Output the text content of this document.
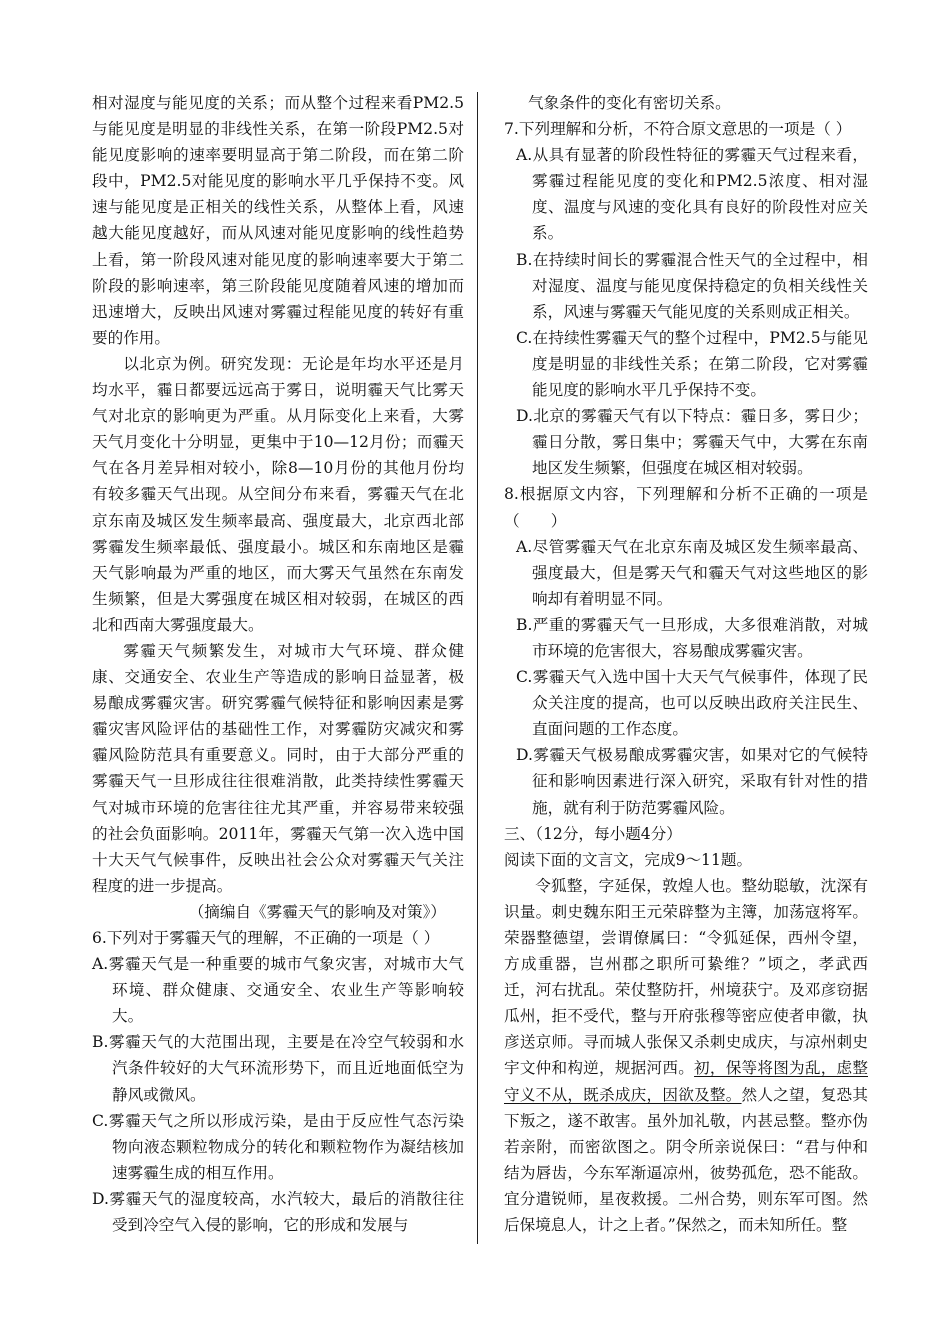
相对湿度与能见度的关系；而从整个过程来看PM2.5与能见度是明显的非线性关系，在第一阶段PM2.5对能见度影响的速率要明显高于第二阶段，而在第二阶段中，PM2.5对能见度的影响水平几乎保持不变。风速与能见度是正相关的线性关系，从整体上看，风速越大能见度越好，而从风速对能见度影响的线性趋势上看，第一阶段风速对能见度的影响速率要大于第二阶段的影响速率，第三阶段能见度随着风速的增加而迅速增大，反映出风速对雾霾过程能见度的转好有重要的作用。

以北京为例。研究发现：无论是年均水平还是月均水平，霾日都要远远高于雾日，说明霾天气比雾天气对北京的影响更为严重。从月际变化上来看，大雾天气月变化十分明显，更集中于10—12月份；而霾天气在各月差异相对较小，除8—10月份的其他月份均有较多霾天气出现。从空间分布来看，雾霾天气在北京东南及城区发生频率最高、强度最大，北京西北部雾霾发生频率最低、强度最小。城区和东南地区是霾天气影响最为严重的地区，而大雾天气虽然在东南发生频繁，但是大雾强度在城区相对较弱，在城区的西北和西南大雾强度最大。

雾霾天气频繁发生，对城市大气环境、群众健康、交通安全、农业生产等造成的影响日益显著，极易酿成雾霾灾害。研究雾霾气候特征和影响因素是雾霾灾害风险评估的基础性工作，对雾霾防灾减灾和雾霾风险防范具有重要意义。同时，由于大部分严重的雾霾天气一旦形成往往很难消散，此类持续性雾霾天气对城市环境的危害往往尤其严重，并容易带来较强的社会负面影响。2011年，雾霾天气第一次入选中国十大天气气候事件，反映出社会公众对雾霾天气关注程度的进一步提高。

（摘编自《雾霾天气的影响及对策》）

6.下列对于雾霾天气的理解，不正确的一项是（ ）

A.雾霾天气是一种重要的城市气象灾害，对城市大气环境、群众健康、交通安全、农业生产等影响较大。

B.雾霾天气的大范围出现，主要是在冷空气较弱和水汽条件较好的大气环流形势下，而且近地面低空为静风或微风。

C.雾霾天气之所以形成污染，是由于反应性气态污染物向液态颗粒物成分的转化和颗粒物作为凝结核加速雾霾生成的相互作用。

D.雾霾天气的湿度较高，水汽较大，最后的消散往往受到冷空气入侵的影响，它的形成和发展与

气象条件的变化有密切关系。

7.下列理解和分析，不符合原文意思的一项是（ ）

A.从具有显著的阶段性特征的雾霾天气过程来看，雾霾过程能见度的变化和PM2.5浓度、相对湿度、温度与风速的变化具有良好的阶段性对应关系。

B.在持续时间长的雾霾混合性天气的全过程中，相对湿度、温度与能见度保持稳定的负相关线性关系，风速与雾霾天气能见度的关系则成正相关。

C.在持续性雾霾天气的整个过程中，PM2.5与能见度是明显的非线性关系；在第二阶段，它对雾霾能见度的影响水平几乎保持不变。

D.北京的雾霾天气有以下特点：霾日多，雾日少；霾日分散，雾日集中；雾霾天气中，大雾在东南地区发生频繁，但强度在城区相对较弱。

8.根据原文内容，下列理解和分析不正确的一项是（　　）

A.尽管雾霾天气在北京东南及城区发生频率最高、强度最大，但是雾天气和霾天气对这些地区的影响却有着明显不同。

B.严重的雾霾天气一旦形成，大多很难消散，对城市环境的危害很大，容易酿成雾霾灾害。

C.雾霾天气入选中国十大天气气候事件，体现了民众关注度的提高，也可以反映出政府关注民生、直面问题的工作态度。

D.雾霾天气极易酿成雾霾灾害，如果对它的气候特征和影响因素进行深入研究，采取有针对性的措施，就有利于防范雾霾风险。

三、（12分，每小题4分）

阅读下面的文言文，完成9～11题。

令狐整，字延保，敦煌人也。整幼聪敏，沈深有识量。刺史魏东阳王元荣辟整为主簿，加荡寇将军。荣器整德望，尝谓僚属曰：“令狐延保，西州令望，方成重器，岂州郡之职所可絷维？”顷之，孝武西迁，河右扰乱。荣仗整防扞，州境获宁。及邓彦窃据瓜州，拒不受代，整与开府张穆等密应使者申徽，执彦送京师。寻而城人张保又杀刺史成庆，与凉州刺史宇文仲和构逆，规据河西。初，保等将图为乱，虑整守义不从，既杀成庆，因欲及整。然人之望，复恐其下叛之，遂不敢害。虽外加礼敬，内甚忌整。整亦伪若亲附，而密欲图之。阴令所亲说保曰：“君与仲和结为唇齿，今东军渐逼凉州，彼势孤危，恐不能敌。宜分遣锐师，星夜救援。二州合势，则东军可图。然后保境息人，计之上者。”保然之，而未知所任。整
